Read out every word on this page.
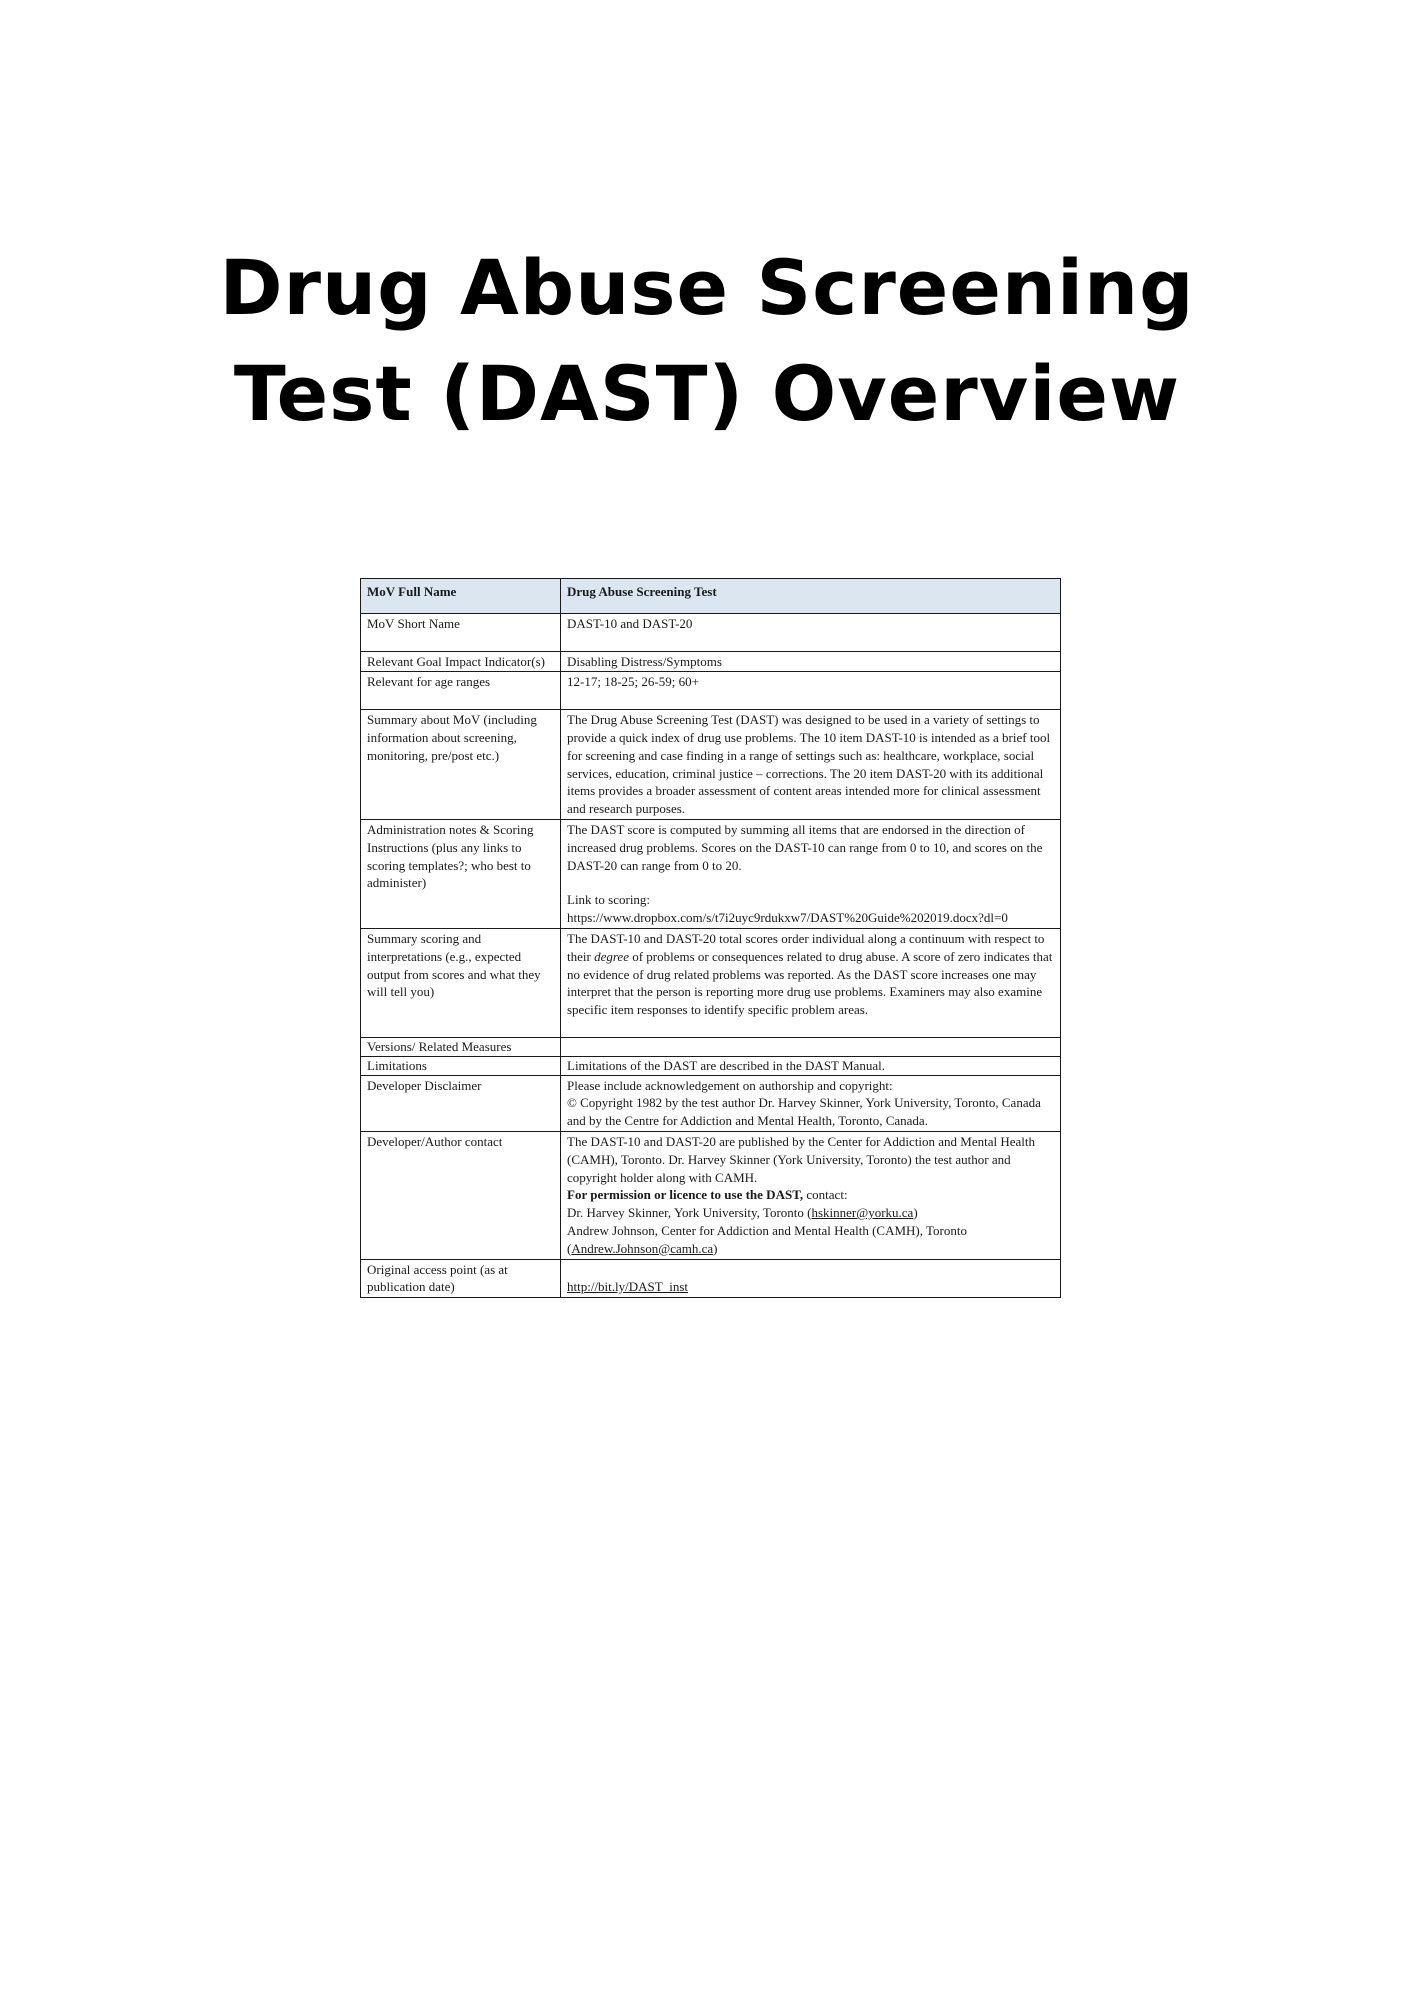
Drug Abuse Screening
Test (DAST) Overview
MoV Full Name	Drug Abuse Screening Test
MoV Short Name	DAST-10 and DAST-20
Relevant Goal Impact Indicator(s)	Disabling Distress/Symptoms
Relevant for age ranges	12-17; 18-25; 26-59; 60+
Summary about MoV (including information about screening, monitoring, pre/post etc.)	The Drug Abuse Screening Test (DAST) was designed to be used in a variety of settings to provide a quick index of drug use problems. The 10 item DAST-10 is intended as a brief tool for screening and case finding in a range of settings such as: healthcare, workplace, social services, education, criminal justice – corrections. The 20 item DAST-20 with its additional items provides a broader assessment of content areas intended more for clinical assessment and research purposes.
Administration notes & Scoring Instructions (plus any links to scoring templates?; who best to administer)	The DAST score is computed by summing all items that are endorsed in the direction of increased drug problems. Scores on the DAST-10 can range from 0 to 10, and scores on the DAST-20 can range from 0 to 20.
Link to scoring:
https://www.dropbox.com/s/t7i2uyc9rdukxw7/DAST%20Guide%202019.docx?dl=0

Summary scoring and interpretations (e.g., expected output from scores and what they will tell you)	The DAST-10 and DAST-20 total scores order individual along a continuum with respect to their degree of problems or consequences related to drug abuse. A score of zero indicates that no evidence of drug related problems was reported. As the DAST score increases one may interpret that the person is reporting more drug use problems. Examiners may also examine specific item responses to identify specific problem areas.
Versions/ Related Measures	
Limitations	Limitations of the DAST are described in the DAST Manual.
Developer Disclaimer	Please include acknowledgement on authorship and copyright:
© Copyright 1982 by the test author Dr. Harvey Skinner, York University, Toronto, Canada and by the Centre for Addiction and Mental Health, Toronto, Canada.

Developer/Author contact	The DAST-10 and DAST-20 are published by the Center for Addiction and Mental Health (CAMH), Toronto. Dr. Harvey Skinner (York University, Toronto) the test author and copyright holder along with CAMH.
For permission or licence to use the DAST, contact:
Dr. Harvey Skinner, York University, Toronto (hskinner@yorku.ca)
Andrew Johnson, Center for Addiction and Mental Health (CAMH), Toronto (Andrew.Johnson@camh.ca)

Original access point (as at publication date)	http://bit.ly/DAST_inst
